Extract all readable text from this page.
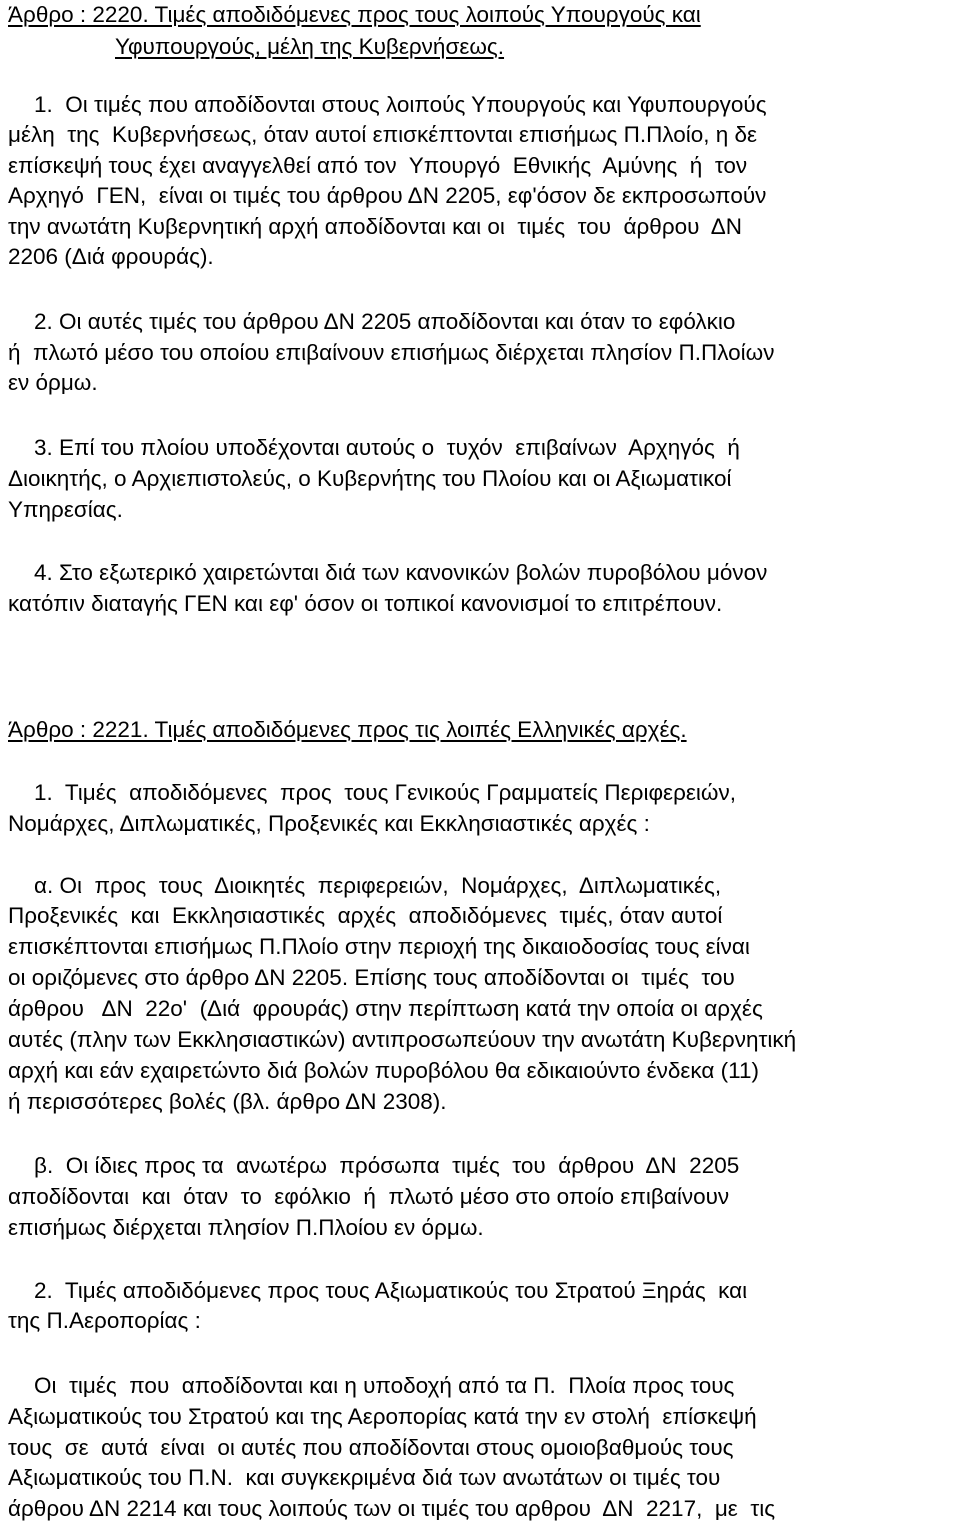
Άρθρο : 2220. Τιμές αποδιδόμενες προς τους λοιπούς Υπουργούς και
Υφυπουργούς, μέλη της Κυβερνήσεως.
1.  Οι τιμές που αποδίδονται στους λοιπούς Υπουργούς και Υφυπουργούς
μέλη  της  Κυβερνήσεως, όταν αυτοί επισκέπτονται επισήμως Π.Πλοίο, η δε
επίσκεψή τους έχει αναγγελθεί από τον  Υπουργό  Εθνικής  Αμύνης  ή  τον
Αρχηγό  ΓΕΝ,  είναι οι τιμές του άρθρου ΔΝ 2205, εφ'όσον δε εκπροσωπούν
την ανωτάτη Κυβερνητική αρχή αποδίδονται και οι  τιμές  του  άρθρου  ΔΝ
2206 (Διά φρουράς).
2. Οι αυτές τιμές του άρθρου ΔΝ 2205 αποδίδονται και όταν το εφόλκιο
ή  πλωτό μέσο του οποίου επιβαίνουν επισήμως διέρχεται πλησίον Π.Πλοίων
εν όρμω.
3. Επί του πλοίου υποδέχονται αυτούς ο  τυχόν  επιβαίνων  Αρχηγός  ή
Διοικητής, ο Αρχιεπιστολεύς, ο Κυβερνήτης του Πλοίου και οι Αξιωματικοί
Υπηρεσίας.
4. Στο εξωτερικό χαιρετώνται διά των κανονικών βολών πυροβόλου μόνον
κατόπιν διαταγής ΓΕΝ και εφ' όσον οι τοπικοί κανονισμοί το επιτρέπουν.
Άρθρο : 2221. Τιμές αποδιδόμενες προς τις λοιπές Ελληνικές αρχές.
1.  Τιμές  αποδιδόμενες  προς  τους Γενικούς Γραμματείς Περιφερειών,
Νομάρχες, Διπλωματικές, Προξενικές και Εκκλησιαστικές αρχές :
α. Οι  προς  τους  Διοικητές  περιφερειών,  Νομάρχες,  Διπλωματικές,
Προξενικές  και  Εκκλησιαστικές  αρχές  αποδιδόμενες  τιμές, όταν αυτοί
επισκέπτονται επισήμως Π.Πλοίο στην περιοχή της δικαιοδοσίας τους είναι
οι οριζόμενες στο άρθρο ΔΝ 2205. Επίσης τους αποδίδονται οι  τιμές  του
άρθρου   ΔΝ  22ο'  (Διά  φρουράς) στην περίπτωση κατά την οποία οι αρχές
αυτές (πλην των Εκκλησιαστικών) αντιπροσωπεύουν την ανωτάτη Κυβερνητική
αρχή και εάν εχαιρετώντο διά βολών πυροβόλου θα εδικαιούντο ένδεκα (11)
ή περισσότερες βολές (βλ. άρθρο ΔΝ 2308).
β.  Οι ίδιες προς τα  ανωτέρω  πρόσωπα  τιμές  του  άρθρου  ΔΝ  2205
αποδίδονται  και  όταν  το  εφόλκιο  ή  πλωτό μέσο στο οποίο επιβαίνουν
επισήμως διέρχεται πλησίον Π.Πλοίου εν όρμω.
2.  Τιμές αποδιδόμενες προς τους Αξιωματικούς του Στρατού Ξηράς  και
της Π.Αεροπορίας :
Οι  τιμές  που  αποδίδονται και η υποδοχή από τα Π.  Πλοία προς τους
Αξιωματικούς του Στρατού και της Αεροπορίας κατά την εν στολή  επίσκεψή
τους  σε  αυτά  είναι  οι αυτές που αποδίδονται στους ομοιοβαθμούς τους
Αξιωματικούς του Π.Ν.  και συγκεκριμένα διά των ανωτάτων οι τιμές του
άρθρου ΔΝ 2214 και τους λοιπούς των οι τιμές του αρθρου  ΔΝ  2217,  με  τις
